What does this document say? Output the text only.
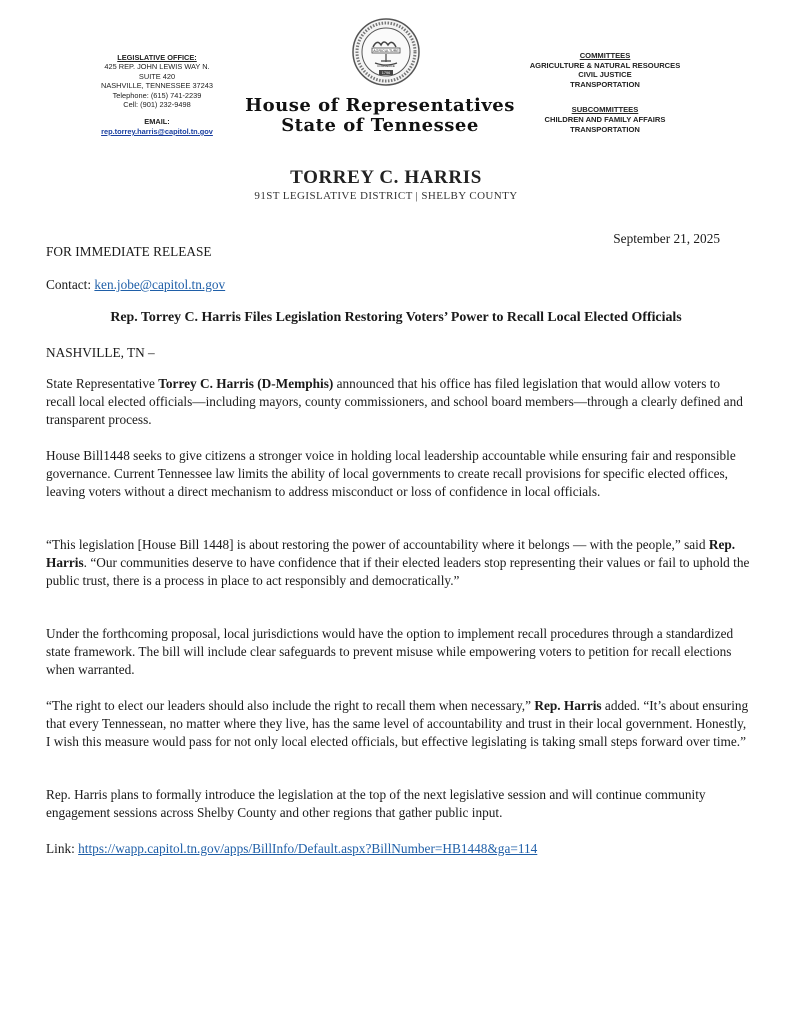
LEGISLATIVE OFFICE:
425 REP. JOHN LEWIS WAY N.
SUITE 420
NASHVILLE, TENNESSEE 37243
Telephone: (615) 741-2239
Cell: (901) 232-9498
EMAIL:
rep.torrey.harris@capitol.tn.gov
AGRICULTURE
COMMERCE
1796
House of Representatives
State of Tennessee
COMMITTEES
AGRICULTURE & NATURAL RESOURCES
CIVIL JUSTICE
TRANSPORTATION
SUBCOMMITTEES
CHILDREN AND FAMILY AFFAIRS
TRANSPORTATION
TORREY C. HARRIS
91ST LEGISLATIVE DISTRICT | SHELBY COUNTY
September 21, 2025
FOR IMMEDIATE RELEASE
Contact: ken.jobe@capitol.tn.gov
Rep. Torrey C. Harris Files Legislation Restoring Voters’ Power to Recall Local Elected Officials
NASHVILLE, TN –
State Representative Torrey C. Harris (D-Memphis) announced that his office has filed legislation that would allow voters to recall local elected officials—including mayors, county commissioners, and school board members—through a clearly defined and transparent process.
House Bill1448 seeks to give citizens a stronger voice in holding local leadership accountable while ensuring fair and responsible governance. Current Tennessee law limits the ability of local governments to create recall provisions for specific elected offices, leaving voters without a direct mechanism to address misconduct or loss of confidence in local officials.
“This legislation [House Bill 1448] is about restoring the power of accountability where it belongs — with the people,” said Rep. Harris. “Our communities deserve to have confidence that if their elected leaders stop representing their values or fail to uphold the public trust, there is a process in place to act responsibly and democratically.”
Under the forthcoming proposal, local jurisdictions would have the option to implement recall procedures through a standardized state framework. The bill will include clear safeguards to prevent misuse while empowering voters to petition for recall elections when warranted.
“The right to elect our leaders should also include the right to recall them when necessary,” Rep. Harris added. “It’s about ensuring that every Tennessean, no matter where they live, has the same level of accountability and trust in their local government. Honestly, I wish this measure would pass for not only local elected officials, but effective legislating is taking small steps forward over time.”
Rep. Harris plans to formally introduce the legislation at the top of the next legislative session and will continue community engagement sessions across Shelby County and other regions that gather public input.
Link: https://wapp.capitol.tn.gov/apps/BillInfo/Default.aspx?BillNumber=HB1448&ga=114
